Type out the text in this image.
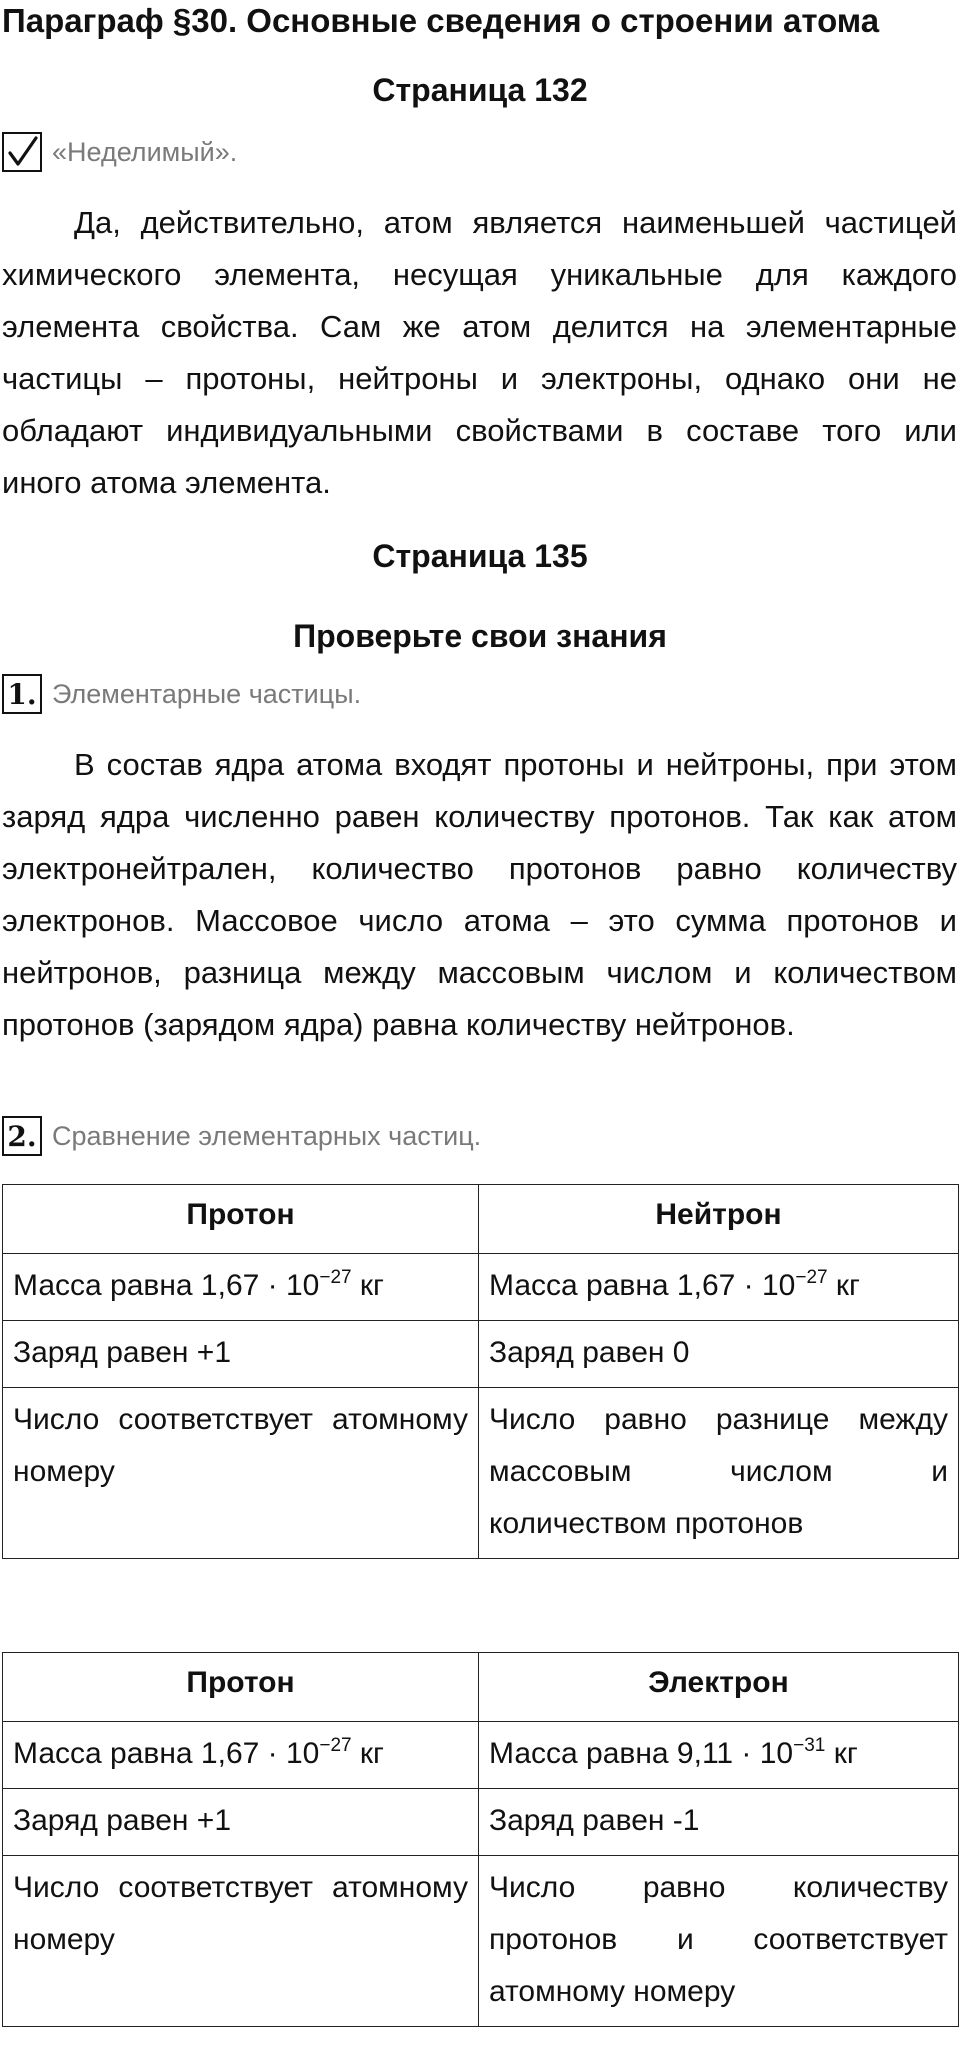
Параграф §30. Основные сведения о строении атома
Страница 132
«Неделимый».
Да, действительно, атом является наименьшей частицей химического элемента, несущая уникальные для каждого элемента свойства. Сам же атом делится на элементарные частицы – протоны, нейтроны и электроны, однако они не обладают индивидуальными свойствами в составе того или иного атома элемента.
Страница 135
Проверьте свои знания
1. Элементарные частицы.
В состав ядра атома входят протоны и нейтроны, при этом заряд ядра численно равен количеству протонов. Так как атом электронейтрален, количество протонов равно количеству электронов. Массовое число атома – это сумма протонов и нейтронов, разница между массовым числом и количеством протонов (зарядом ядра) равна количеству нейтронов.
2. Сравнение элементарных частиц.
Протон	Нейтрон
Масса равна $1,67 \cdot 10^{-27}$ кг	Масса равна $1,67 \cdot 10^{-27}$ кг
Заряд равен +1	Заряд равен 0
Число соответствует атомному номеру	Число равно разнице между массовым числом и количеством протонов
Протон	Электрон
Масса равна $1,67 \cdot 10^{-27}$ кг	Масса равна $9,11 \cdot 10^{-31}$ кг
Заряд равен +1	Заряд равен -1
Число соответствует атомному номеру	Число равно количеству протонов и соответствует атомному номеру
